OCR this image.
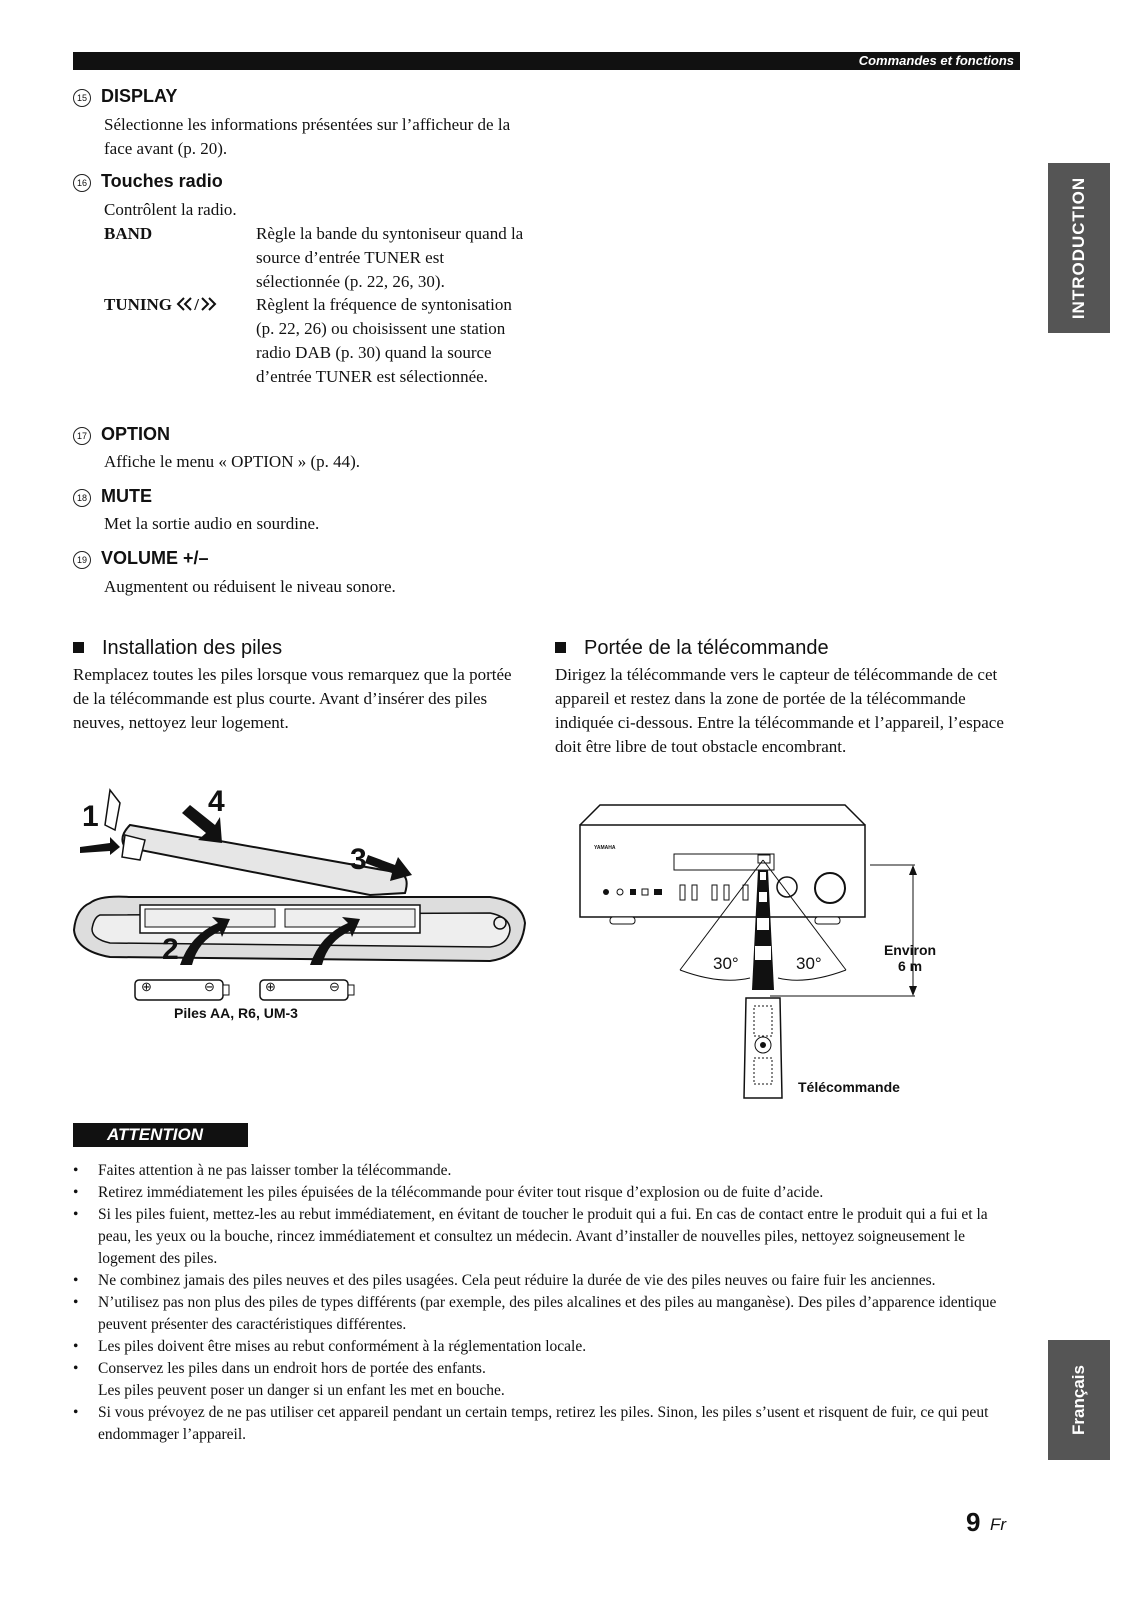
Commandes et fonctions
INTRODUCTION
Français
15 DISPLAY
Sélectionne les informations présentées sur l’afficheur de la face avant (p. 20).
16 Touches radio
Contrôlent la radio.
BAND	Règle la bande du syntoniseur quand la source d’entrée TUNER est sélectionnée (p. 22, 26, 30).
TUNING /	Règlent la fréquence de syntonisation (p. 22, 26) ou choisissent une station radio DAB (p. 30) quand la source d’entrée TUNER est sélectionnée.
17 OPTION
Affiche le menu « OPTION » (p. 44).
18 MUTE
Met la sortie audio en sourdine.
19 VOLUME +/–
Augmentent ou réduisent le niveau sonore.
Installation des piles
Remplacez toutes les piles lorsque vous remarquez que la portée de la télécommande est plus courte. Avant d’insérer des piles neuves, nettoyez leur logement.
Portée de la télécommande
Dirigez la télécommande vers le capteur de télécommande de cet appareil et restez dans la zone de portée de la télécommande indiquée ci-dessous. Entre la télécommande et l’appareil, l’espace doit être libre de tout obstacle encombrant.
1	4
3
2
⊕	⊖	⊕	⊖
Piles AA, R6, UM-3
30°	30°
Environ
6 m
YAMAHA
Télécommande
ATTENTION
• Faites attention à ne pas laisser tomber la télécommande.
• Retirez immédiatement les piles épuisées de la télécommande pour éviter tout risque d’explosion ou de fuite d’acide.
• Si les piles fuient, mettez-les au rebut immédiatement, en évitant de toucher le produit qui a fui. En cas de contact entre le produit qui a fui et la peau, les yeux ou la bouche, rincez immédiatement et consultez un médecin. Avant d’installer de nouvelles piles, nettoyez soigneusement le logement des piles.
• Ne combinez jamais des piles neuves et des piles usagées. Cela peut réduire la durée de vie des piles neuves ou faire fuir les anciennes.
• N’utilisez pas non plus des piles de types différents (par exemple, des piles alcalines et des piles au manganèse). Des piles d’apparence identique peuvent présenter des caractéristiques différentes.
• Les piles doivent être mises au rebut conformément à la réglementation locale.
• Conservez les piles dans un endroit hors de portée des enfants.
Les piles peuvent poser un danger si un enfant les met en bouche.
• Si vous prévoyez de ne pas utiliser cet appareil pendant un certain temps, retirez les piles. Sinon, les piles s’usent et risquent de fuir, ce qui peut endommager l’appareil.
9 Fr
